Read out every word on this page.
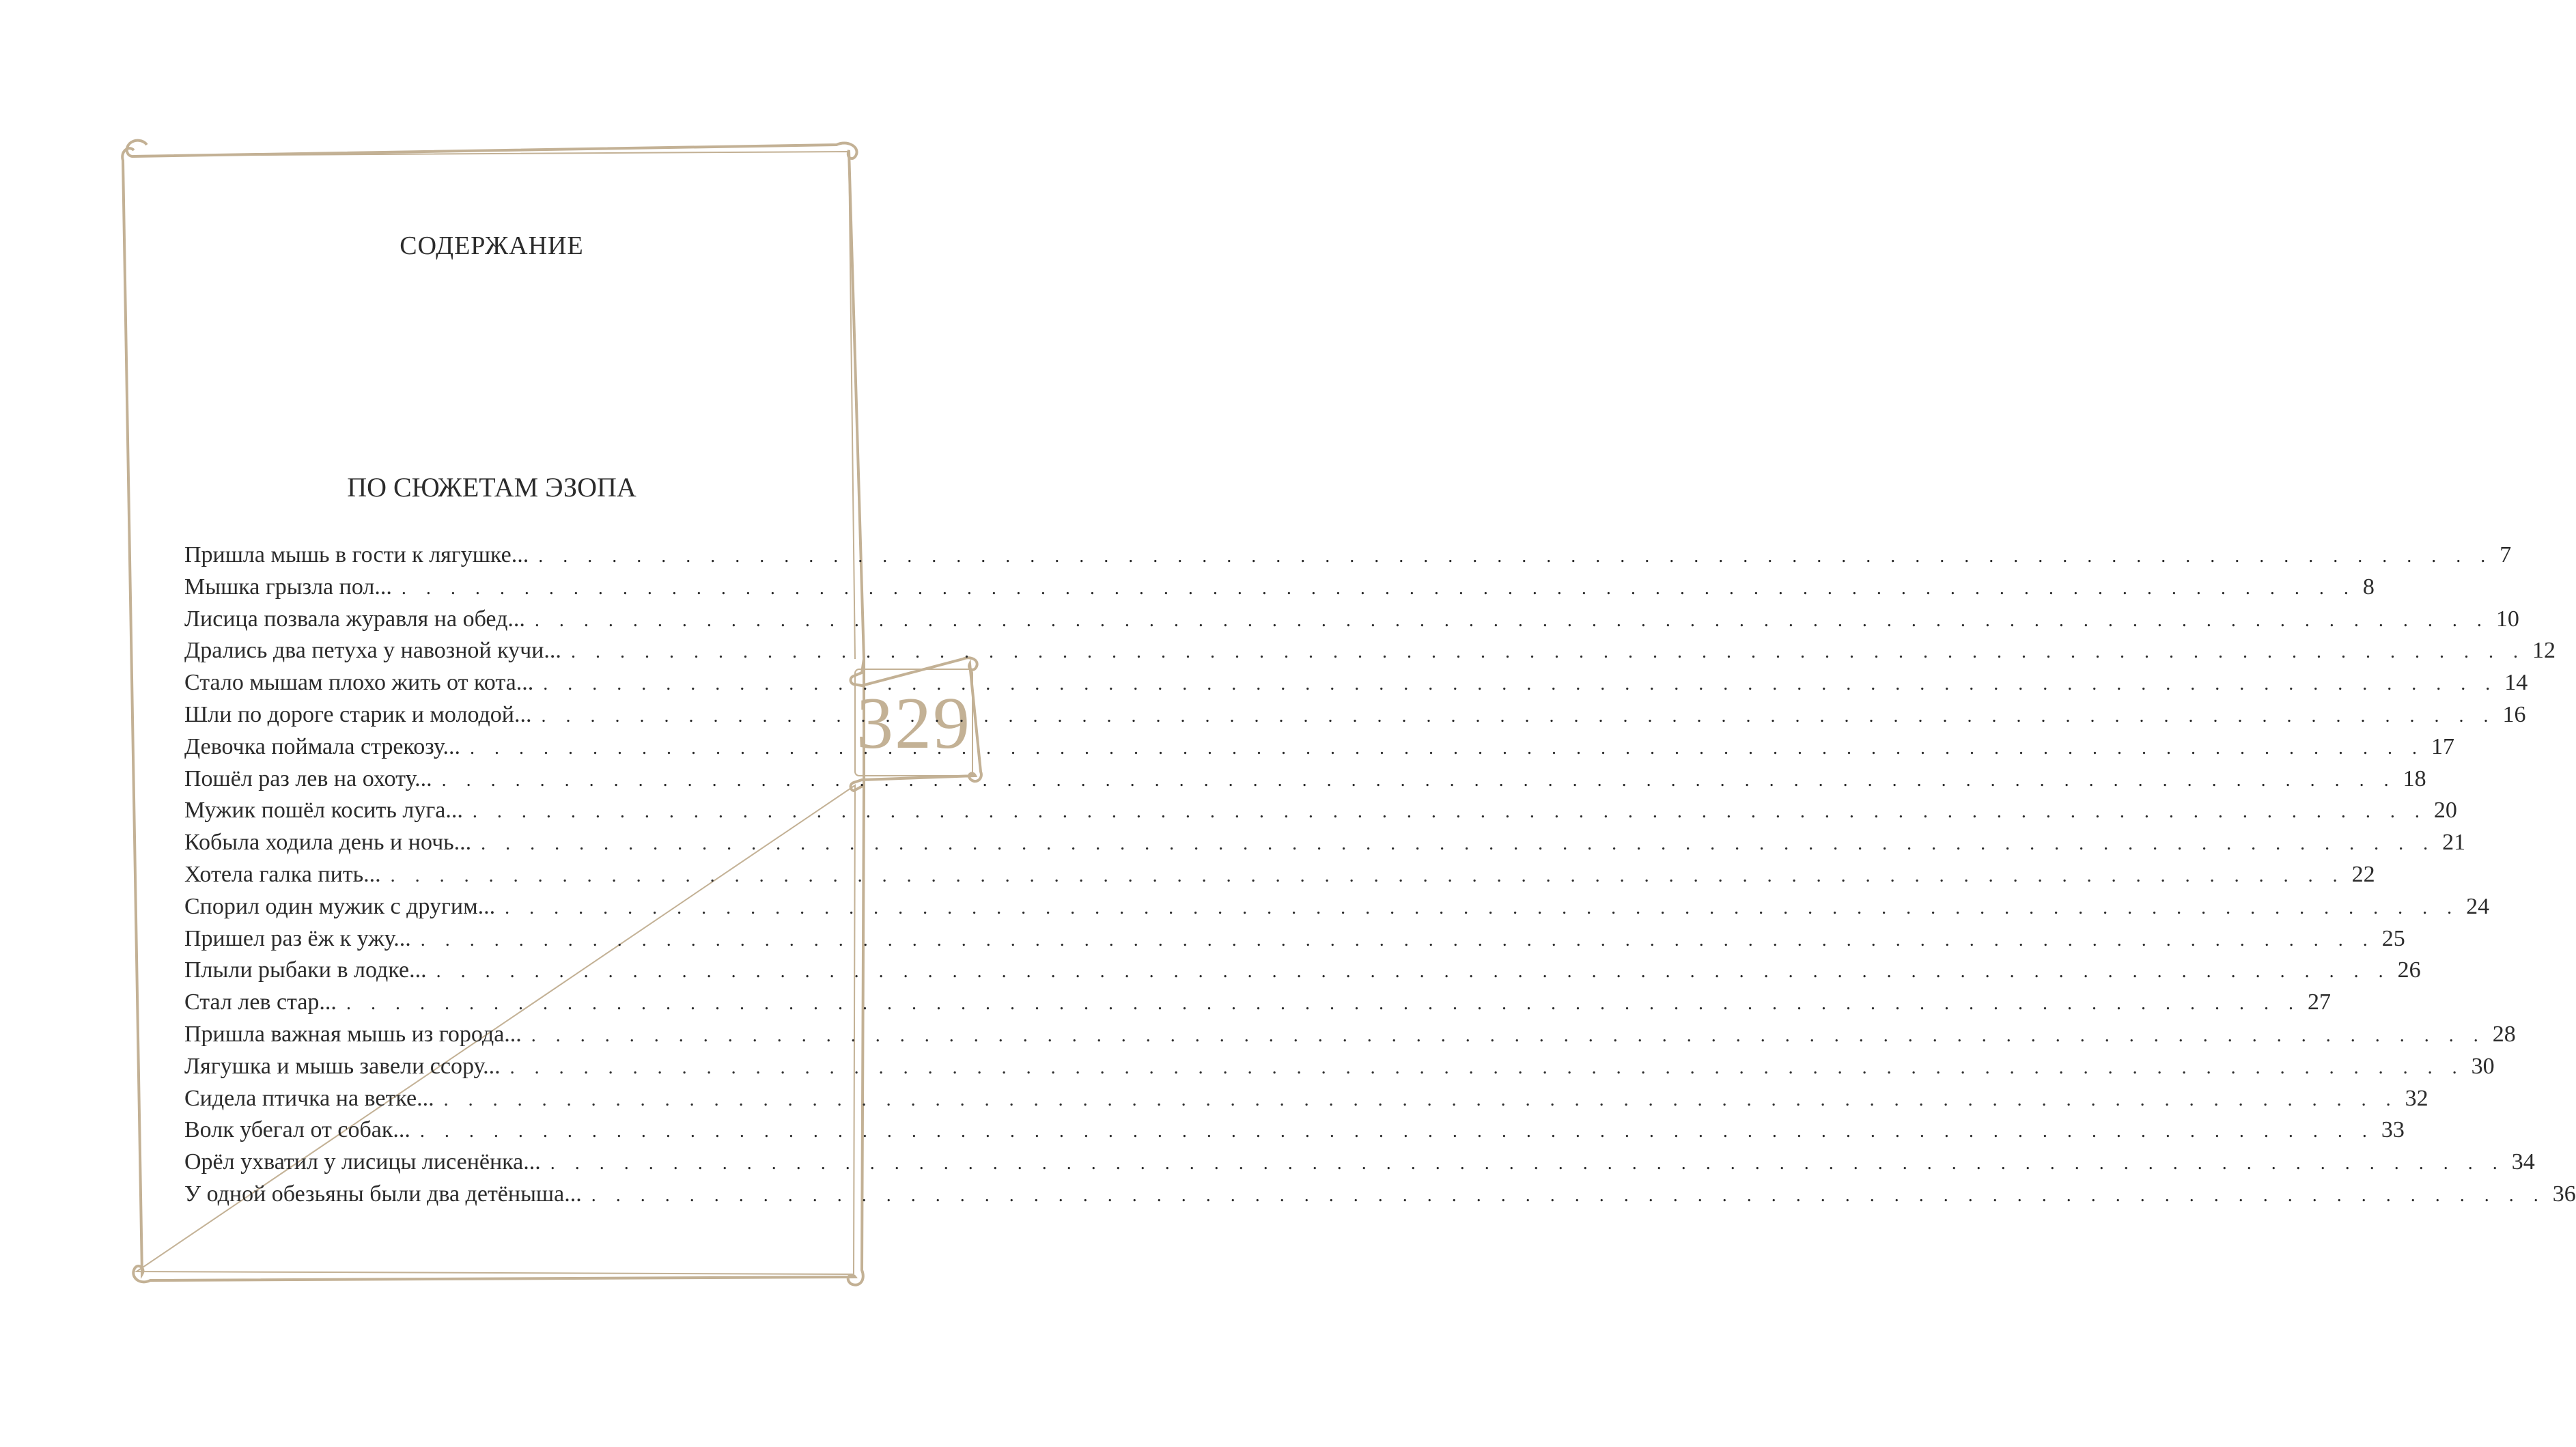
329
СОДЕРЖАНИЕ
ПО СЮЖЕТАМ ЭЗОПА
Пришла мышь в гости к лягушке... . . . . . . . . . . . . . . . . . . . . . . . . . . . . . . . . . . . . . . . . . . . . . . . . . . . . . . . . . . . . . . . . . . . . . . . . . . . . . . . . 7
Мышка грызла пол... . . . . . . . . . . . . . . . . . . . . . . . . . . . . . . . . . . . . . . . . . . . . . . . . . . . . . . . . . . . . . . . . . . . . . . . . . . . . . . . . 8
Лисица позвала журавля на обед... . . . . . . . . . . . . . . . . . . . . . . . . . . . . . . . . . . . . . . . . . . . . . . . . . . . . . . . . . . . . . . . . . . . . . . . . . . . . . . . . 10
Дрались два петуха у навозной кучи... . . . . . . . . . . . . . . . . . . . . . . . . . . . . . . . . . . . . . . . . . . . . . . . . . . . . . . . . . . . . . . . . . . . . . . . . . . . . . . . . 12
Стало мышам плохо жить от кота... . . . . . . . . . . . . . . . . . . . . . . . . . . . . . . . . . . . . . . . . . . . . . . . . . . . . . . . . . . . . . . . . . . . . . . . . . . . . . . . . 14
Шли по дороге старик и молодой... . . . . . . . . . . . . . . . . . . . . . . . . . . . . . . . . . . . . . . . . . . . . . . . . . . . . . . . . . . . . . . . . . . . . . . . . . . . . . . . . 16
Девочка поймала стрекозу... . . . . . . . . . . . . . . . . . . . . . . . . . . . . . . . . . . . . . . . . . . . . . . . . . . . . . . . . . . . . . . . . . . . . . . . . . . . . . . . . 17
Пошёл раз лев на охоту... . . . . . . . . . . . . . . . . . . . . . . . . . . . . . . . . . . . . . . . . . . . . . . . . . . . . . . . . . . . . . . . . . . . . . . . . . . . . . . . . 18
Мужик пошёл косить луга... . . . . . . . . . . . . . . . . . . . . . . . . . . . . . . . . . . . . . . . . . . . . . . . . . . . . . . . . . . . . . . . . . . . . . . . . . . . . . . . . 20
Кобыла ходила день и ночь... . . . . . . . . . . . . . . . . . . . . . . . . . . . . . . . . . . . . . . . . . . . . . . . . . . . . . . . . . . . . . . . . . . . . . . . . . . . . . . . . 21
Хотела галка пить... . . . . . . . . . . . . . . . . . . . . . . . . . . . . . . . . . . . . . . . . . . . . . . . . . . . . . . . . . . . . . . . . . . . . . . . . . . . . . . . . 22
Спорил один мужик с другим... . . . . . . . . . . . . . . . . . . . . . . . . . . . . . . . . . . . . . . . . . . . . . . . . . . . . . . . . . . . . . . . . . . . . . . . . . . . . . . . . 24
Пришел раз ёж к ужу... . . . . . . . . . . . . . . . . . . . . . . . . . . . . . . . . . . . . . . . . . . . . . . . . . . . . . . . . . . . . . . . . . . . . . . . . . . . . . . . . 25
Плыли рыбаки в лодке... . . . . . . . . . . . . . . . . . . . . . . . . . . . . . . . . . . . . . . . . . . . . . . . . . . . . . . . . . . . . . . . . . . . . . . . . . . . . . . . . 26
Стал лев стар... . . . . . . . . . . . . . . . . . . . . . . . . . . . . . . . . . . . . . . . . . . . . . . . . . . . . . . . . . . . . . . . . . . . . . . . . . . . . . . . . 27
Пришла важная мышь из города... . . . . . . . . . . . . . . . . . . . . . . . . . . . . . . . . . . . . . . . . . . . . . . . . . . . . . . . . . . . . . . . . . . . . . . . . . . . . . . . . 28
Лягушка и мышь завели ссору... . . . . . . . . . . . . . . . . . . . . . . . . . . . . . . . . . . . . . . . . . . . . . . . . . . . . . . . . . . . . . . . . . . . . . . . . . . . . . . . . 30
Сидела птичка на ветке... . . . . . . . . . . . . . . . . . . . . . . . . . . . . . . . . . . . . . . . . . . . . . . . . . . . . . . . . . . . . . . . . . . . . . . . . . . . . . . . . 32
Волк убегал от собак... . . . . . . . . . . . . . . . . . . . . . . . . . . . . . . . . . . . . . . . . . . . . . . . . . . . . . . . . . . . . . . . . . . . . . . . . . . . . . . . . 33
Орёл ухватил у лисицы лисенёнка... . . . . . . . . . . . . . . . . . . . . . . . . . . . . . . . . . . . . . . . . . . . . . . . . . . . . . . . . . . . . . . . . . . . . . . . . . . . . . . . . 34
У одной обезьяны были два детёныша... . . . . . . . . . . . . . . . . . . . . . . . . . . . . . . . . . . . . . . . . . . . . . . . . . . . . . . . . . . . . . . . . . . . . . . . . . . . . . . . . 36
